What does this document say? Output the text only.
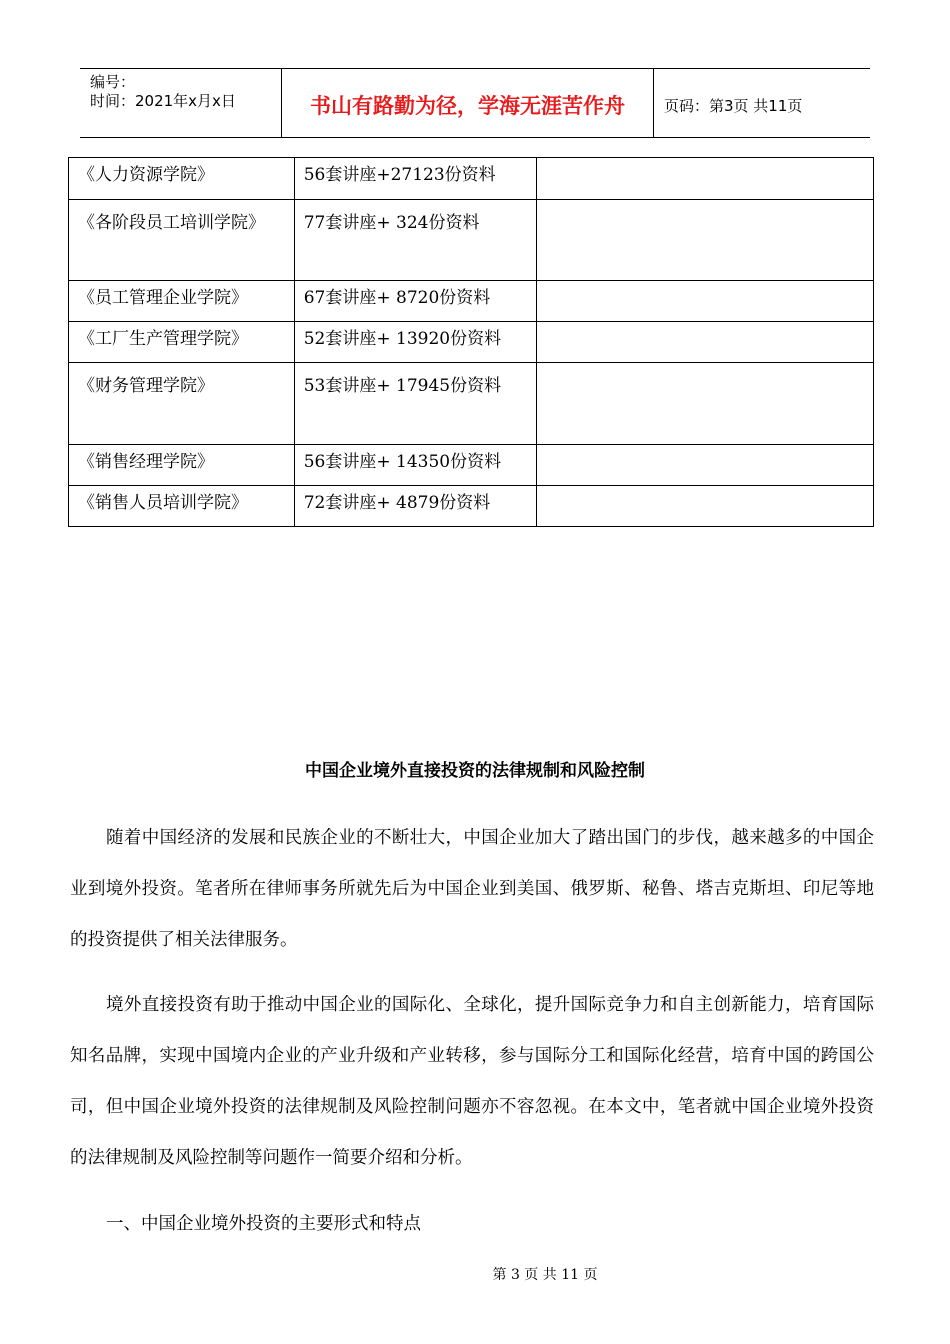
编号：
时间：2021年x月x日	书山有路勤为径，学海无涯苦作舟	页码：第3页 共11页
《人力资源学院》	56套讲座+27123份资料	
《各阶段员工培训学院》	77套讲座+ 324份资料	
《员工管理企业学院》	67套讲座+ 8720份资料	
《工厂生产管理学院》	52套讲座+ 13920份资料	
《财务管理学院》	53套讲座+ 17945份资料	
《销售经理学院》	56套讲座+ 14350份资料	
《销售人员培训学院》	72套讲座+ 4879份资料	
中国企业境外直接投资的法律规制和风险控制

随着中国经济的发展和民族企业的不断壮大，中国企业加大了踏出国门的步伐，越来越多的中国企业到境外投资。笔者所在律师事务所就先后为中国企业到美国、俄罗斯、秘鲁、塔吉克斯坦、印尼等地的投资提供了相关法律服务。

境外直接投资有助于推动中国企业的国际化、全球化，提升国际竞争力和自主创新能力，培育国际知名品牌，实现中国境内企业的产业升级和产业转移，参与国际分工和国际化经营，培育中国的跨国公司，但中国企业境外投资的法律规制及风险控制问题亦不容忽视。在本文中，笔者就中国企业境外投资的法律规制及风险控制等问题作一简要介绍和分析。

一、中国企业境外投资的主要形式和特点
第 3 页 共 11 页
